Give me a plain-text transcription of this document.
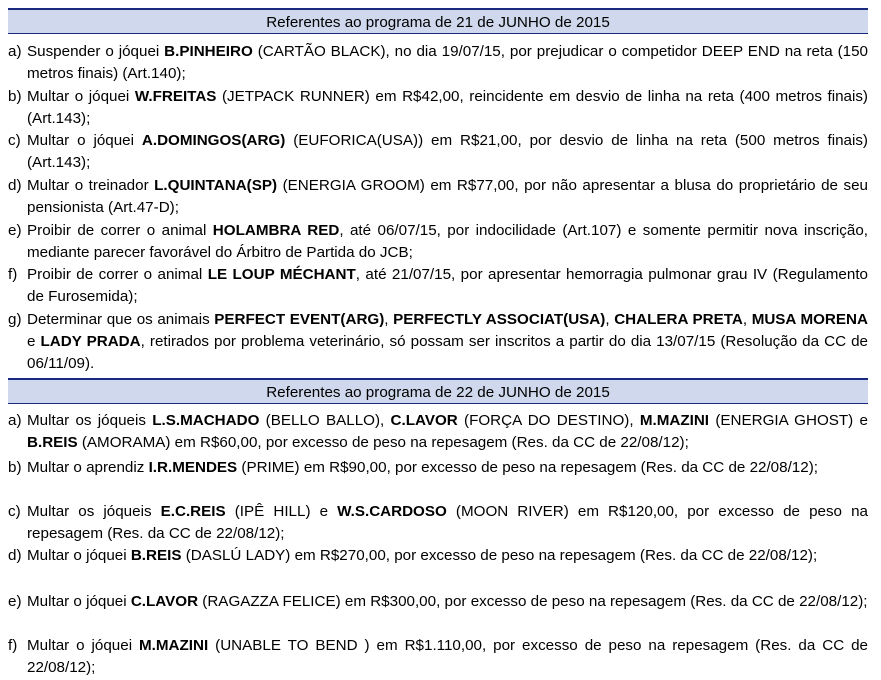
Referentes ao programa de 21 de JUNHO de 2015
a) Suspender o jóquei B.PINHEIRO (CARTÃO BLACK), no dia 19/07/15, por prejudicar o competidor DEEP END na reta (150 metros finais) (Art.140);
b) Multar o jóquei W.FREITAS (JETPACK RUNNER) em R$42,00, reincidente em desvio de linha na reta (400 metros finais) (Art.143);
c) Multar o jóquei A.DOMINGOS(ARG) (EUFORICA(USA)) em R$21,00, por desvio de linha na reta (500 metros finais) (Art.143);
d) Multar o treinador L.QUINTANA(SP) (ENERGIA GROOM) em R$77,00, por não apresentar a blusa do proprietário de seu pensionista (Art.47-D);
e) Proibir de correr o animal HOLAMBRA RED, até 06/07/15, por indocilidade (Art.107) e somente permitir nova inscrição, mediante parecer favorável do Árbitro de Partida do JCB;
f) Proibir de correr o animal LE LOUP MÉCHANT, até 21/07/15, por apresentar hemorragia pulmonar grau IV (Regulamento de Furosemida);
g) Determinar que os animais PERFECT EVENT(ARG), PERFECTLY ASSOCIAT(USA), CHALERA PRETA, MUSA MORENA e LADY PRADA, retirados por problema veterinário, só possam ser inscritos a partir do dia 13/07/15 (Resolução da CC de 06/11/09).
Referentes ao programa de 22 de JUNHO de 2015
a) Multar os jóqueis L.S.MACHADO (BELLO BALLO), C.LAVOR (FORÇA DO DESTINO), M.MAZINI (ENERGIA GHOST) e B.REIS (AMORAMA) em R$60,00, por excesso de peso na repesagem (Res. da CC de 22/08/12);
b) Multar o aprendiz I.R.MENDES (PRIME) em R$90,00, por excesso de peso na repesagem (Res. da CC de 22/08/12);
c) Multar os jóqueis E.C.REIS (IPÊ HILL) e W.S.CARDOSO (MOON RIVER) em R$120,00, por excesso de peso na repesagem (Res. da CC de 22/08/12);
d) Multar o jóquei B.REIS (DASLÚ LADY) em R$270,00, por excesso de peso na repesagem (Res. da CC de 22/08/12);
e) Multar o jóquei C.LAVOR (RAGAZZA FELICE) em R$300,00, por excesso de peso na repesagem (Res. da CC de 22/08/12);
f) Multar o jóquei M.MAZINI (UNABLE TO BEND ) em R$1.110,00, por excesso de peso na repesagem (Res. da CC de 22/08/12);
